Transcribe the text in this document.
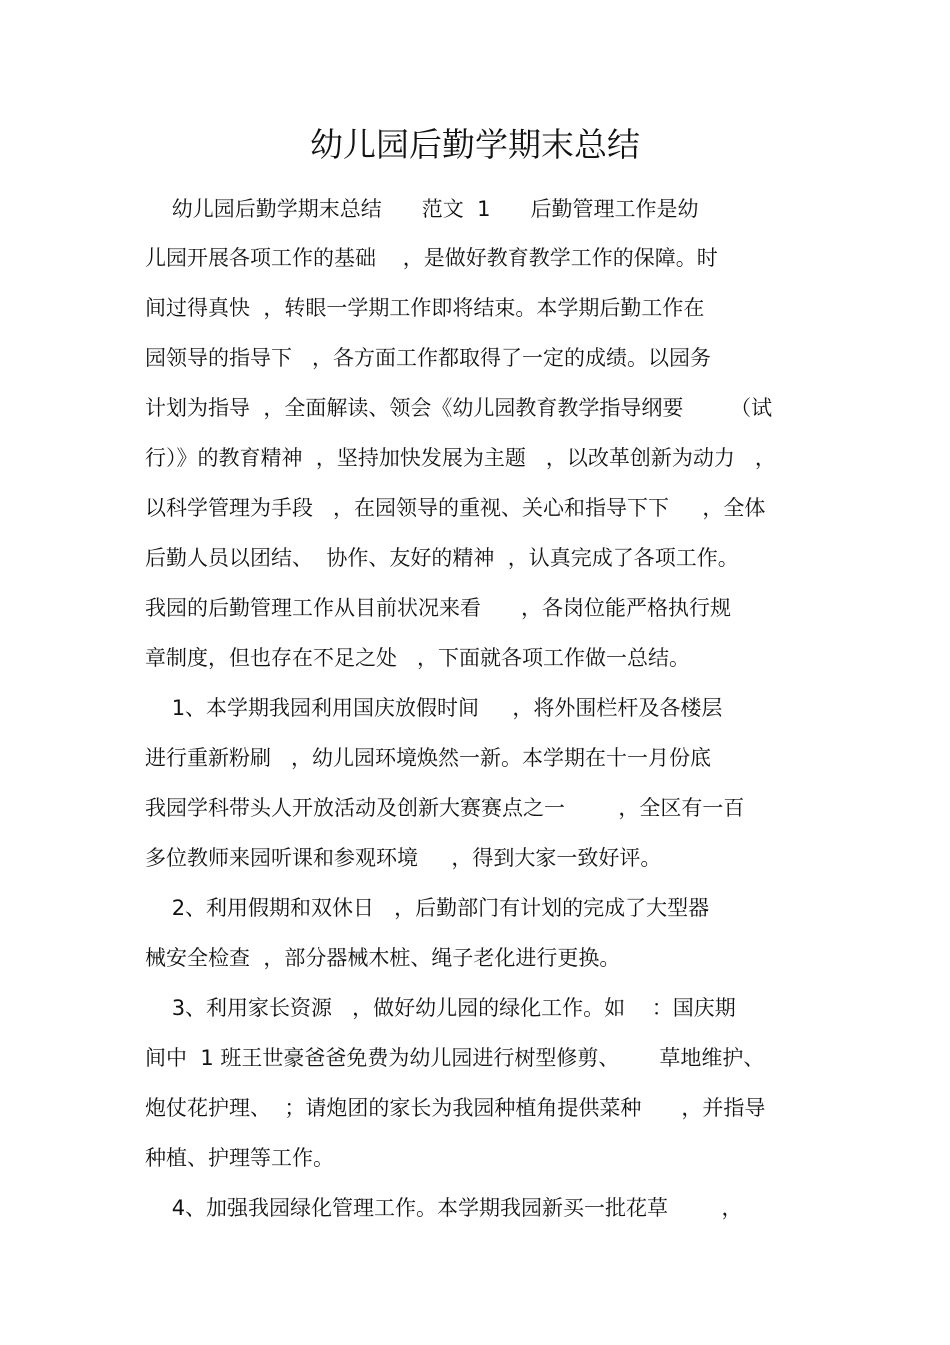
幼儿园后勤学期末总结
幼儿园后勤学期末总结      范文  1      后勤管理工作是幼
儿园开展各项工作的基础    ，是做好教育教学工作的保障。时
间过得真快  ，转眼一学期工作即将结束。本学期后勤工作在
园领导的指导下   ，各方面工作都取得了一定的成绩。以园务
计划为指导  ，全面解读、领会《幼儿园教育教学指导纲要       （试
行）》的教育精神  ，坚持加快发展为主题   ，以改革创新为动力   ，
以科学管理为手段   ，在园领导的重视、关心和指导下下     ，全体
后勤人员以团结、  协作、友好的精神  ，认真完成了各项工作。
我园的后勤管理工作从目前状况来看      ，各岗位能严格执行规
章制度，但也存在不足之处   ，下面就各项工作做一总结。
1、本学期我园利用国庆放假时间     ，将外围栏杆及各楼层
进行重新粉刷   ，幼儿园环境焕然一新。本学期在十一月份底
我园学科带头人开放活动及创新大赛赛点之一        ，全区有一百
多位教师来园听课和参观环境     ，得到大家一致好评。
2、利用假期和双休日   ，后勤部门有计划的完成了大型器
械安全检查  ，部分器械木桩、绳子老化进行更换。
3、利用家长资源   ，做好幼儿园的绿化工作。如    ：国庆期
间中  1 班王世豪爸爸免费为幼儿园进行树型修剪、      草地维护、
炮仗花护理、  ；请炮团的家长为我园种植角提供菜种      ，并指导
种植、护理等工作。
4、加强我园绿化管理工作。本学期我园新买一批花草        ，
